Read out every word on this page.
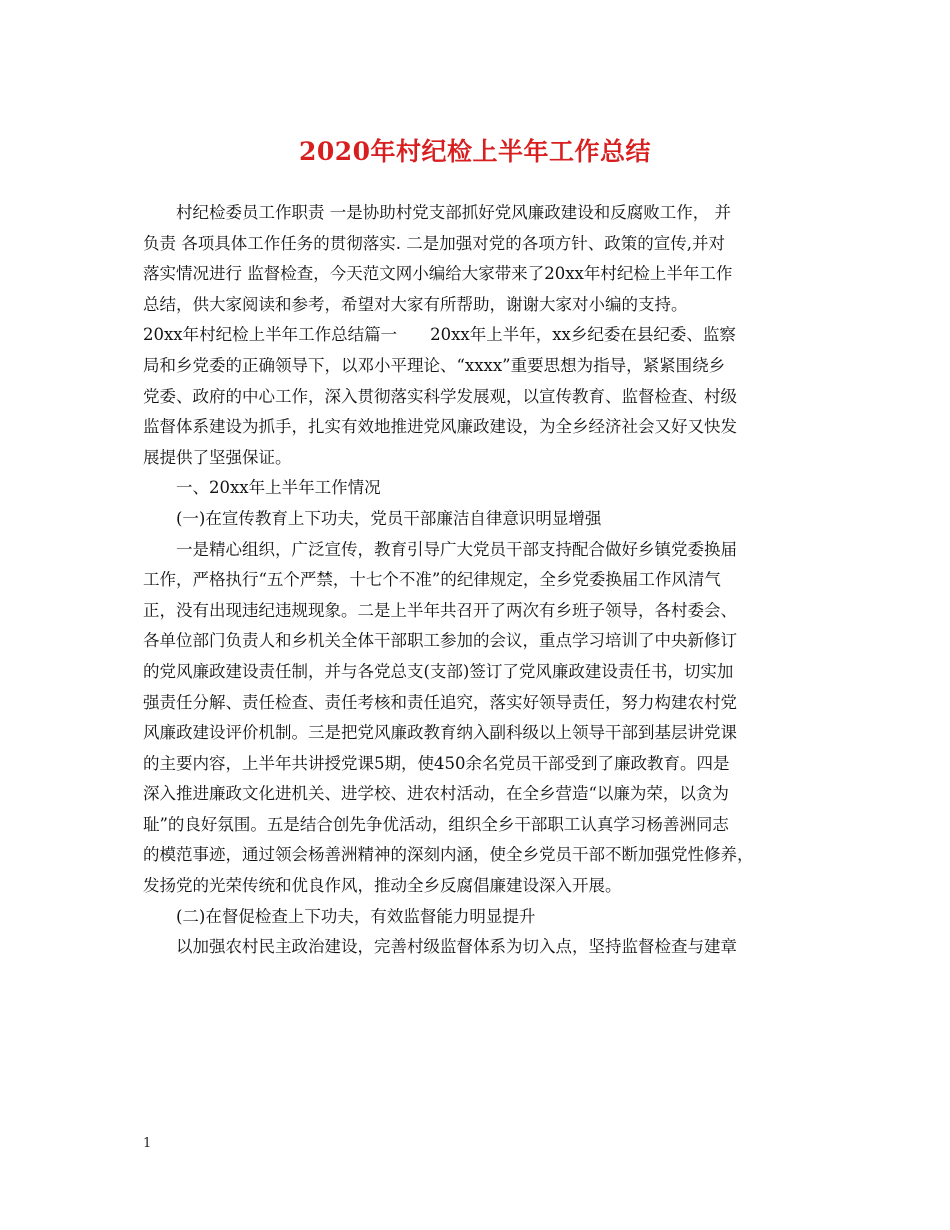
2020年村纪检上半年工作总结
村纪检委员工作职责 一是协助村党支部抓好党风廉政建设和反腐败工作， 并
负责 各项具体工作任务的贯彻落实. 二是加强对党的各项方针、政策的宣传,并对
落实情况进行 监督检查，今天范文网小编给大家带来了20xx年村纪检上半年工作
总结，供大家阅读和参考，希望对大家有所帮助，谢谢大家对小编的支持。
20xx年村纪检上半年工作总结篇一　　20xx年上半年，xx乡纪委在县纪委、监察
局和乡党委的正确领导下，以邓小平理论、“xxxx”重要思想为指导，紧紧围绕乡
党委、政府的中心工作，深入贯彻落实科学发展观，以宣传教育、监督检查、村级
监督体系建设为抓手，扎实有效地推进党风廉政建设，为全乡经济社会又好又快发
展提供了坚强保证。
一、20xx年上半年工作情况
(一)在宣传教育上下功夫，党员干部廉洁自律意识明显增强
一是精心组织，广泛宣传，教育引导广大党员干部支持配合做好乡镇党委换届
工作，严格执行“五个严禁，十七个不准”的纪律规定，全乡党委换届工作风清气
正，没有出现违纪违规现象。二是上半年共召开了两次有乡班子领导，各村委会、
各单位部门负责人和乡机关全体干部职工参加的会议，重点学习培训了中央新修订
的党风廉政建设责任制，并与各党总支(支部)签订了党风廉政建设责任书，切实加
强责任分解、责任检查、责任考核和责任追究，落实好领导责任，努力构建农村党
风廉政建设评价机制。三是把党风廉政教育纳入副科级以上领导干部到基层讲党课
的主要内容，上半年共讲授党课5期，使450余名党员干部受到了廉政教育。四是
深入推进廉政文化进机关、进学校、进农村活动，在全乡营造“以廉为荣，以贪为
耻”的良好氛围。五是结合创先争优活动，组织全乡干部职工认真学习杨善洲同志
的模范事迹，通过领会杨善洲精神的深刻内涵，使全乡党员干部不断加强党性修养，
发扬党的光荣传统和优良作风，推动全乡反腐倡廉建设深入开展。
(二)在督促检查上下功夫，有效监督能力明显提升
以加强农村民主政治建设，完善村级监督体系为切入点，坚持监督检查与建章
1
